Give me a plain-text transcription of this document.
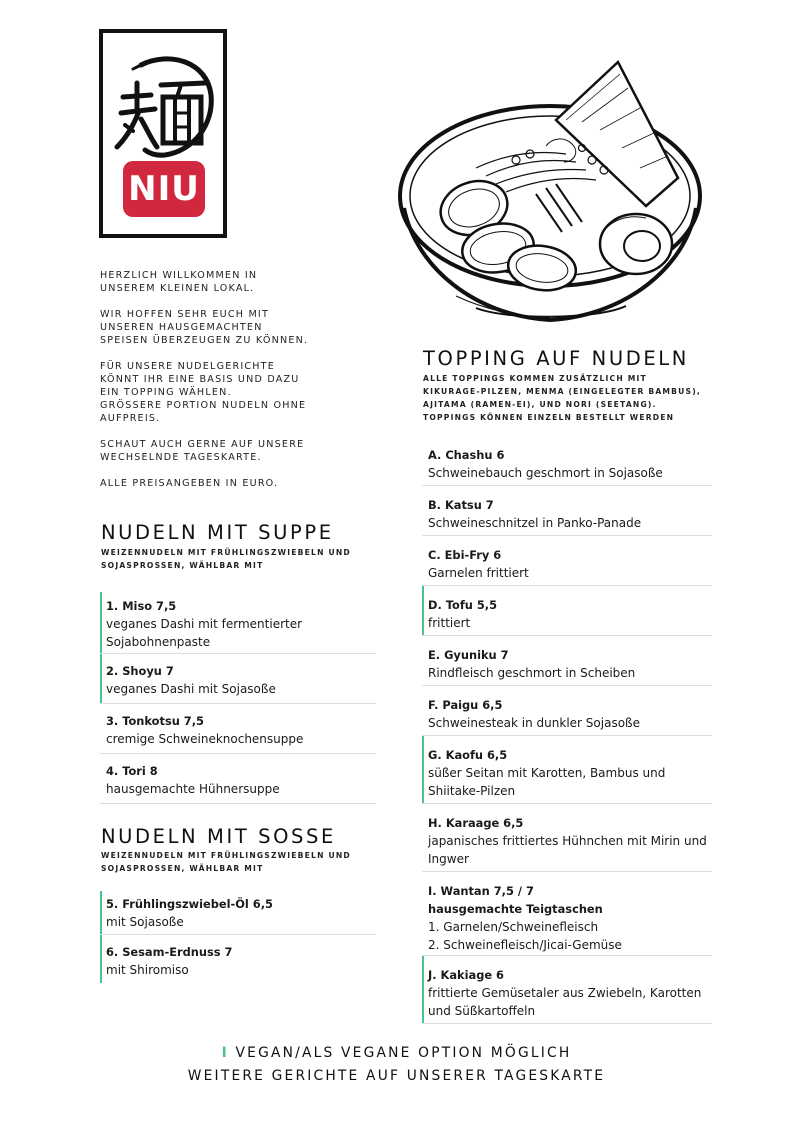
NIU

HERZLICH WILLKOMMEN IN
UNSEREM KLEINEN LOKAL.

WIR HOFFEN SEHR EUCH MIT
UNSEREN HAUSGEMACHTEN
SPEISEN ÜBERZEUGEN ZU KÖNNEN.

FÜR UNSERE NUDELGERICHTE
KÖNNT IHR EINE BASIS UND DAZU
EIN TOPPING WÄHLEN.
GRÖSSERE PORTION NUDELN OHNE
AUFPREIS.

SCHAUT AUCH GERNE AUF UNSERE
WECHSELNDE TAGESKARTE.

ALLE PREISANGEBEN IN EURO.

NUDELN MIT SUPPE
WEIZENNUDELN MIT FRÜHLINGSZWIEBELN UND
SOJASPROSSEN, WÄHLBAR MIT
1. Miso 7,5
veganes Dashi mit fermentierter
Sojabohnenpaste
2. Shoyu 7
veganes Dashi mit Sojasoße
3. Tonkotsu 7,5
cremige Schweineknochensuppe
4. Tori 8
hausgemachte Hühnersuppe
NUDELN MIT SOSSE
WEIZENNUDELN MIT FRÜHLINGSZWIEBELN UND
SOJASPROSSEN, WÄHLBAR MIT
5. Frühlingszwiebel-Öl 6,5
mit Sojasoße
6. Sesam-Erdnuss 7
mit Shiromiso
TOPPING AUF NUDELN
ALLE TOPPINGS KOMMEN ZUSÄTZLICH MIT
KIKURAGE-PILZEN, MENMA (EINGELEGTER BAMBUS),
AJITAMA (RAMEN-EI), UND NORI (SEETANG).
TOPPINGS KÖNNEN EINZELN BESTELLT WERDEN
A. Chashu 6
Schweinebauch geschmort in Sojasoße
B. Katsu 7
Schweineschnitzel in Panko-Panade
C. Ebi-Fry 6
Garnelen frittiert
D. Tofu 5,5
frittiert
E. Gyuniku 7
Rindfleisch geschmort in Scheiben
F. Paigu 6,5
Schweinesteak in dunkler Sojasoße
G. Kaofu 6,5
süßer Seitan mit Karotten, Bambus und
Shiitake-Pilzen
H. Karaage 6,5
japanisches frittiertes Hühnchen mit Mirin und
Ingwer
I. Wantan 7,5 / 7
hausgemachte Teigtaschen
1. Garnelen/Schweinefleisch
2. Schweinefleisch/Jicai-Gemüse
J. Kakiage 6
frittierte Gemüsetaler aus Zwiebeln, Karotten
und Süßkartoffeln
I VEGAN/ALS VEGANE OPTION MÖGLICH
WEITERE GERICHTE AUF UNSERER TAGESKARTE
